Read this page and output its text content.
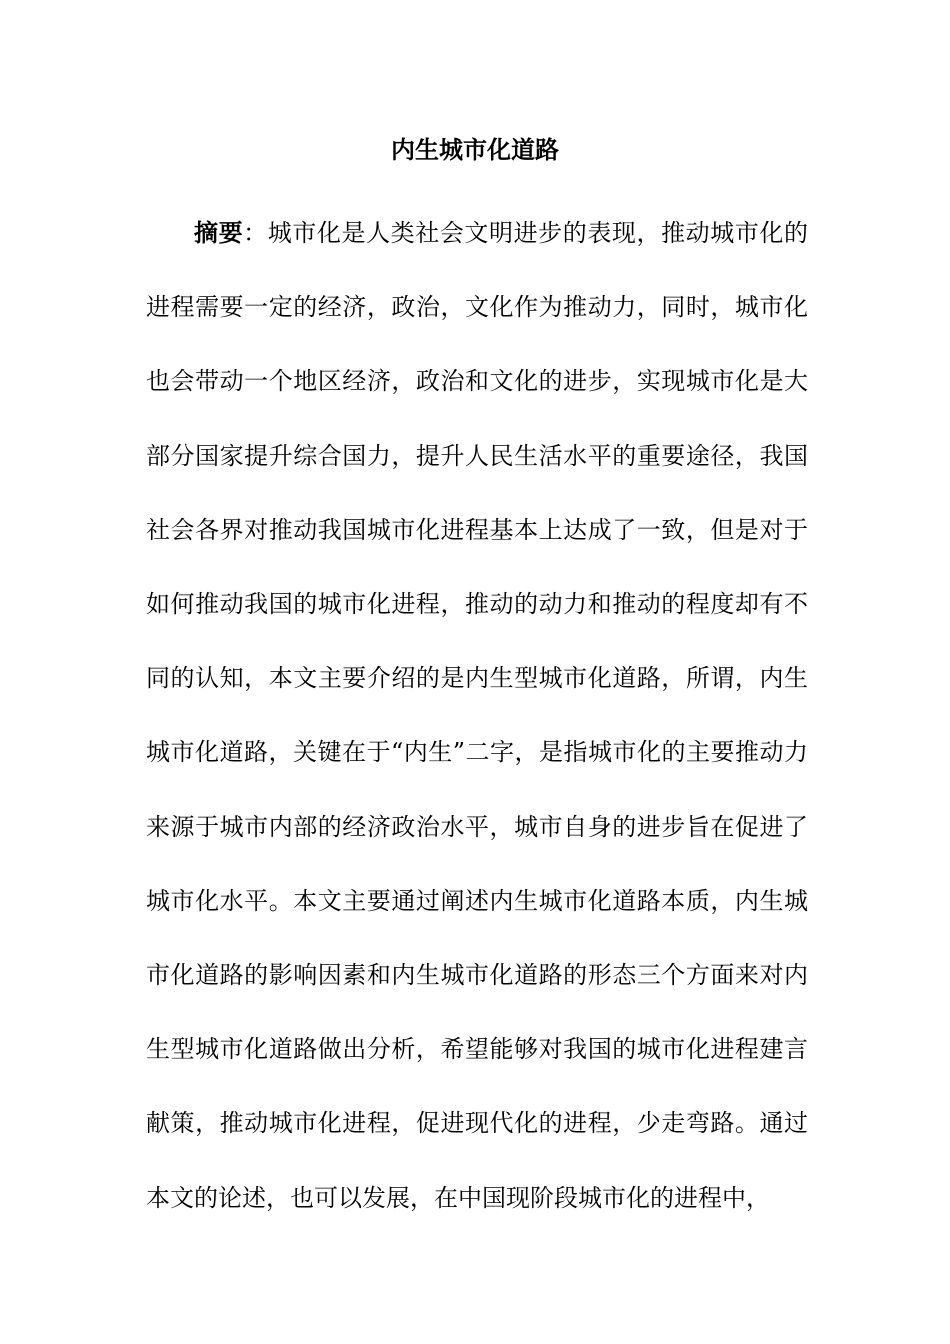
内生城市化道路

摘要：城市化是人类社会文明进步的表现，推动城市化的进程需要一定的经济，政治，文化作为推动力，同时，城市化也会带动一个地区经济，政治和文化的进步，实现城市化是大部分国家提升综合国力，提升人民生活水平的重要途径，我国社会各界对推动我国城市化进程基本上达成了一致，但是对于如何推动我国的城市化进程，推动的动力和推动的程度却有不同的认知，本文主要介绍的是内生型城市化道路，所谓，内生城市化道路，关键在于“内生”二字，是指城市化的主要推动力来源于城市内部的经济政治水平，城市自身的进步旨在促进了城市化水平。本文主要通过阐述内生城市化道路本质，内生城市化道路的影响因素和内生城市化道路的形态三个方面来对内生型城市化道路做出分析，希望能够对我国的城市化进程建言献策，推动城市化进程，促进现代化的进程，少走弯路。通过本文的论述，也可以发展，在中国现阶段城市化的进程中，
